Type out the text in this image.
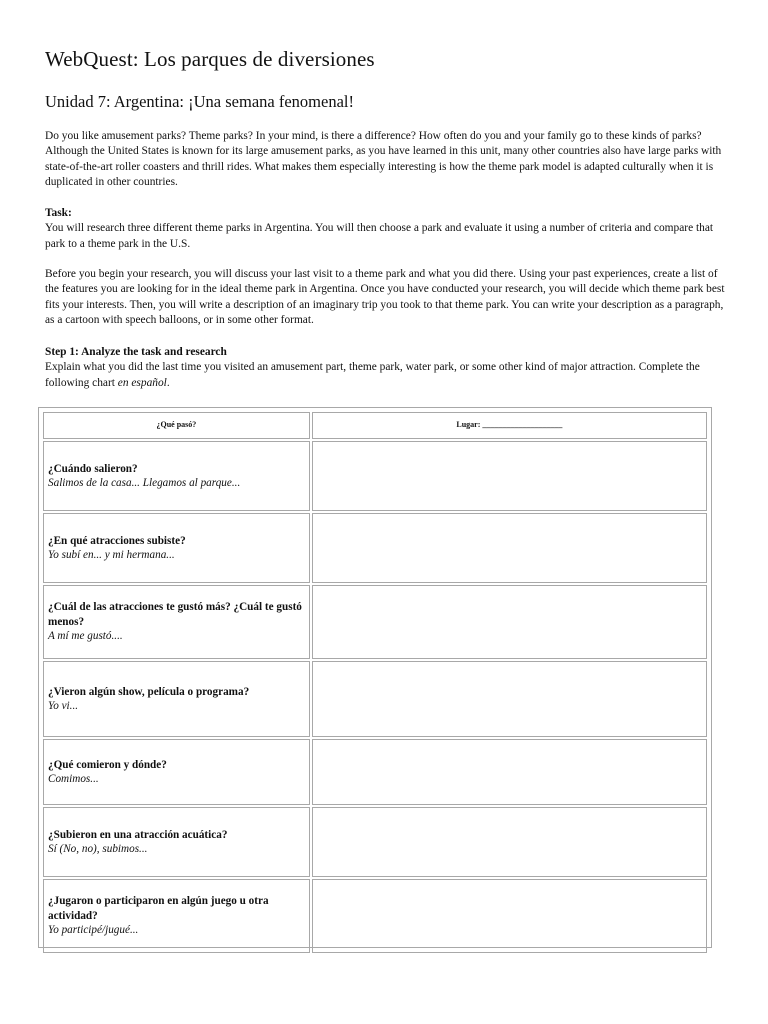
WebQuest: Los parques de diversiones
Unidad 7: Argentina: ¡Una semana fenomenal!
Do you like amusement parks? Theme parks? In your mind, is there a difference? How often do you and your family go to these kinds of parks? Although the United States is known for its large amusement parks, as you have learned in this unit, many other countries also have large parks with state-of-the-art roller coasters and thrill rides. What makes them especially interesting is how the theme park model is adapted culturally when it is duplicated in other countries.
Task:
You will research three different theme parks in Argentina. You will then choose a park and evaluate it using a number of criteria and compare that park to a theme park in the U.S.
Before you begin your research, you will discuss your last visit to a theme park and what you did there. Using your past experiences, create a list of the features you are looking for in the ideal theme park in Argentina. Once you have conducted your research, you will decide which theme park best fits your interests. Then, you will write a description of an imaginary trip you took to that theme park. You can write your description as a paragraph, as a cartoon with speech balloons, or in some other format.
Step 1: Analyze the task and research
Explain what you did the last time you visited an amusement part, theme park, water park, or some other kind of major attraction. Complete the following chart en español.
¿Qué pasó?	Lugar: ____________________

¿Cuándo salieron?
Salimos de la casa... Llegamos al parque...	

¿En qué atracciones subiste?
Yo subí en... y mi hermana...	

¿Cuál de las atracciones te gustó más? ¿Cuál te gustó menos?
A mí me gustó....	

¿Vieron algún show, película o programa?
Yo vi...	

¿Qué comieron y dónde?
Comimos...	

¿Subieron en una atracción acuática?
Sí (No, no), subimos...	

¿Jugaron o participaron en algún juego u otra actividad?
Yo participé/jugué...	
